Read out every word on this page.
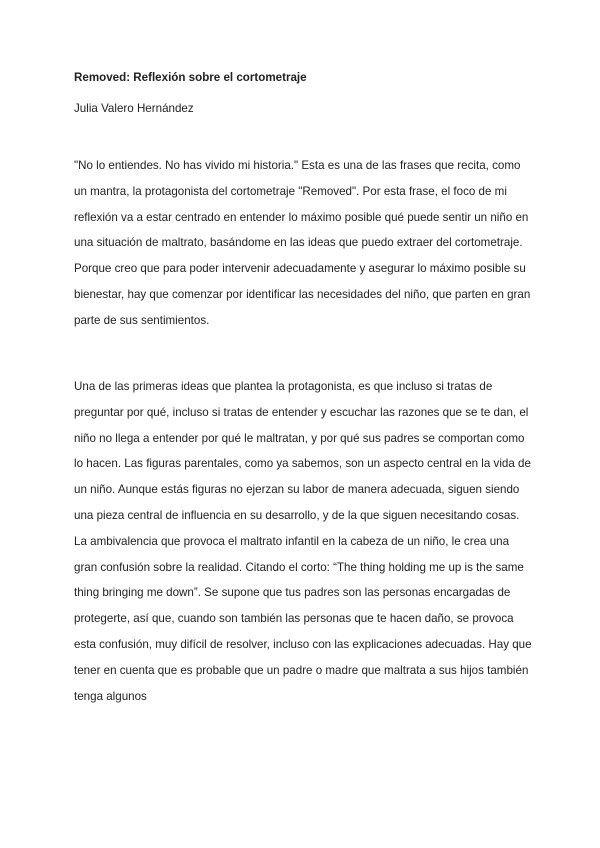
Removed: Reflexión sobre el cortometraje
Julia Valero Hernández
"No lo entiendes. No has vivido mi historia." Esta es una de las frases que recita, como un mantra, la protagonista del cortometraje "Removed". Por esta frase, el foco de mi reflexión va a estar centrado en entender lo máximo posible qué puede sentir un niño en una situación de maltrato, basándome en las ideas que puedo extraer del cortometraje. Porque creo que para poder intervenir adecuadamente y asegurar lo máximo posible su bienestar, hay que comenzar por identificar las necesidades del niño, que parten en gran parte de sus sentimientos.
Una de las primeras ideas que plantea la protagonista, es que incluso si tratas de preguntar por qué, incluso si tratas de entender y escuchar las razones que se te dan, el niño no llega a entender por qué le maltratan, y por qué sus padres se comportan como lo hacen. Las figuras parentales, como ya sabemos, son un aspecto central en la vida de un niño. Aunque estás figuras no ejerzan su labor de manera adecuada, siguen siendo una pieza central de influencia en su desarrollo, y de la que siguen necesitando cosas. La ambivalencia que provoca el maltrato infantil en la cabeza de un niño, le crea una gran confusión sobre la realidad. Citando el corto: “The thing holding me up is the same thing bringing me down”. Se supone que tus padres son las personas encargadas de protegerte, así que, cuando son también las personas que te hacen daño, se provoca esta confusión, muy difícil de resolver, incluso con las explicaciones adecuadas. Hay que tener en cuenta que es probable que un padre o madre que maltrata a sus hijos también tenga algunos
